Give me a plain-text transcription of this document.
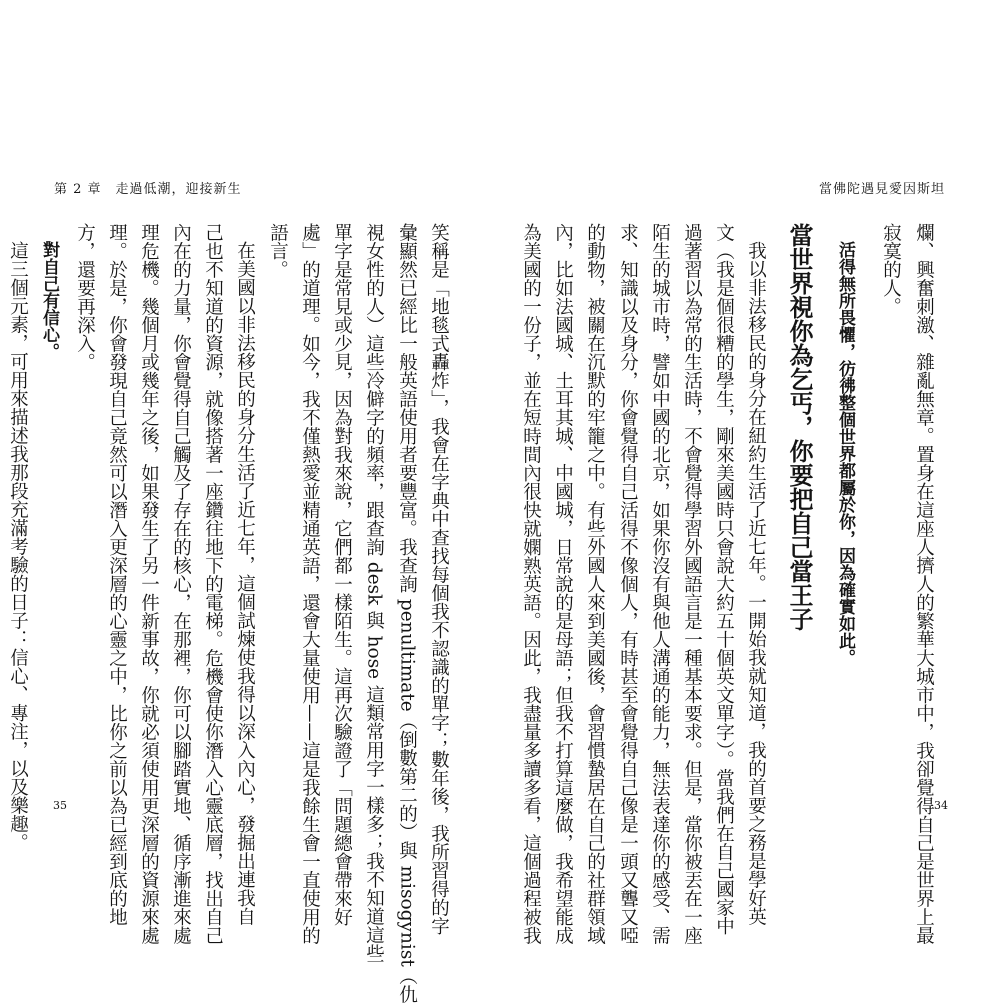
第 2 章　走過低潮，迎接新生	當佛陀遇見愛因斯坦
35	34
爛、興奮刺激、雜亂無章。置身在這座人擠人的繁華大城市中，我卻覺得自己是世界上最
寂寞的人。
活得無所畏懼，彷彿整個世界都屬於你，因為確實如此。
當世界視你為乞丐，你要把自己當王子
我以非法移民的身分在紐約生活了近七年。一開始我就知道，我的首要之務是學好英
文（我是個很糟的學生，剛來美國時只會說大約五十個英文單字）。當我們在自己國家中
過著習以為常的生活時，不會覺得學習外國語言是一種基本要求。但是，當你被丟在一座
陌生的城市時，譬如中國的北京，如果你沒有與他人溝通的能力，無法表達你的感受、需
求、知識以及身分，你會覺得自己活得不像個人，有時甚至會覺得自己像是一頭又聾又啞
的動物，被關在沉默的牢籠之中。有些外國人來到美國後，會習慣蟄居在自己的社群領域
內，比如法國城、土耳其城、中國城，日常說的是母語；但我不打算這麼做，我希望能成
為美國的一份子，並在短時間內很快就嫻熟英語。因此，我盡量多讀多看，這個過程被我
笑稱是「地毯式轟炸」，我會在字典中查找每個我不認識的單字；數年後，我所習得的字
彙顯然已經比一般英語使用者要豐富。我查詢 penultimate（倒數第二的）與 misogynist（仇
視女性的人）這些冷僻字的頻率，跟查詢 desk 與 hose 這類常用字一樣多；我不知道這些
單字是常見或少見，因為對我來說，它們都一樣陌生。這再次驗證了「問題總會帶來好
處」的道理。如今，我不僅熱愛並精通英語，還會大量使用——這是我餘生會一直使用的
語言。
在美國以非法移民的身分生活了近七年，這個試煉使我得以深入內心，發掘出連我自
己也不知道的資源，就像搭著一座鑽往地下的電梯。危機會使你潛入心靈底層，找出自己
內在的力量，你會覺得自己觸及了存在的核心，在那裡，你可以腳踏實地、循序漸進來處
理危機。幾個月或幾年之後，如果發生了另一件新事故，你就必須使用更深層的資源來處
理。於是，你會發現自己竟然可以潛入更深層的心靈之中，比你之前以為已經到底的地
方，還要再深入。
對自己有信心。
這三個元素，可用來描述我那段充滿考驗的日子：信心、專注，以及樂趣。
